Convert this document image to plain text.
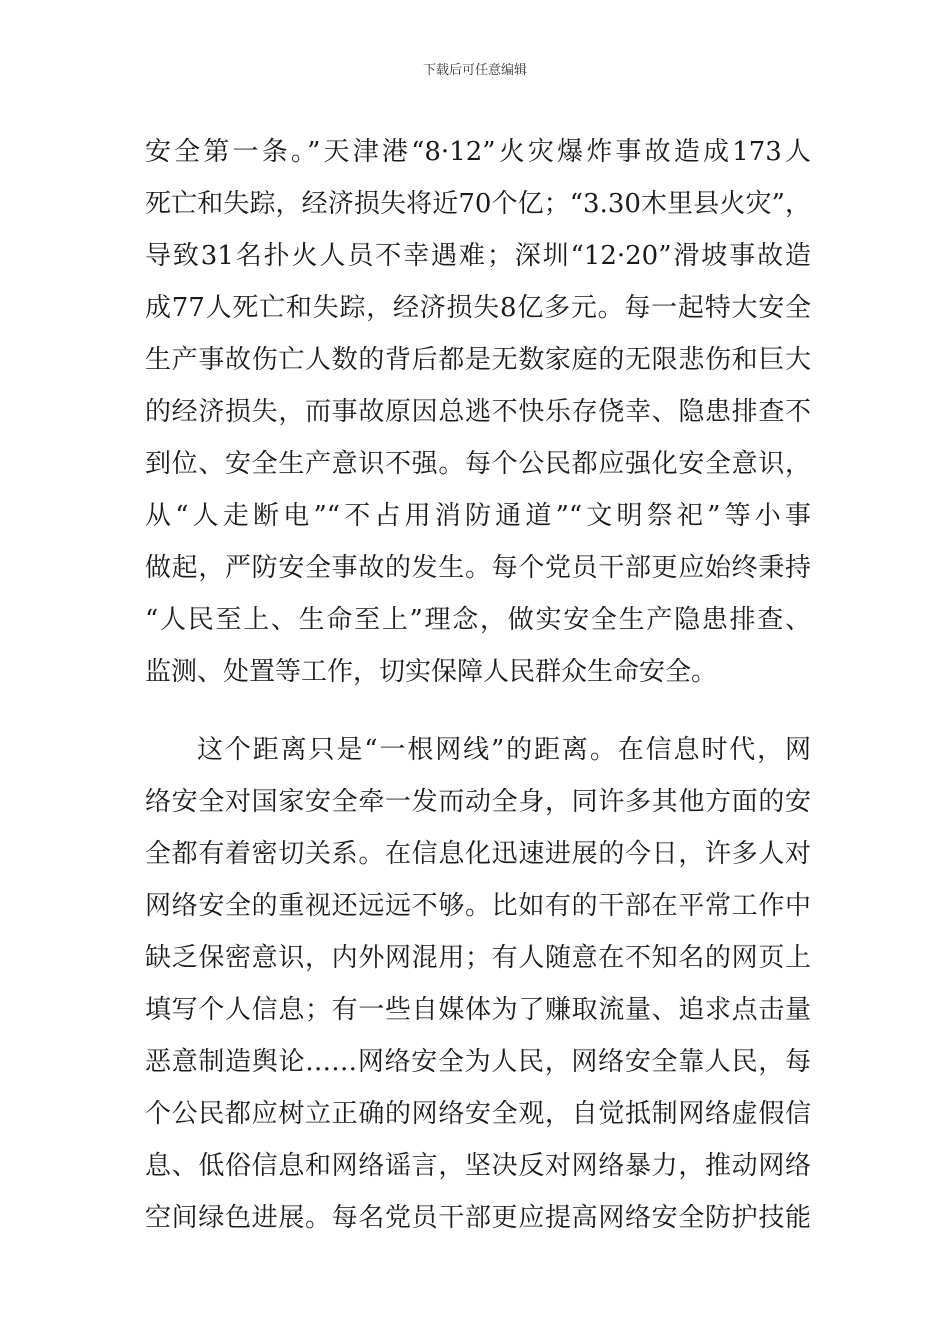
下载后可任意编辑
安全第一条。”天津港“8·12”火灾爆炸事故造成173人
死亡和失踪，经济损失将近70个亿；“3.30木里县火灾”，
导致31名扑火人员不幸遇难；深圳“12·20”滑坡事故造
成77人死亡和失踪，经济损失8亿多元。每一起特大安全
生产事故伤亡人数的背后都是无数家庭的无限悲伤和巨大
的经济损失，而事故原因总逃不快乐存侥幸、隐患排查不
到位、安全生产意识不强。每个公民都应强化安全意识，
从“人走断电”“不占用消防通道”“文明祭祀”等小事
做起，严防安全事故的发生。每个党员干部更应始终秉持
“人民至上、生命至上”理念，做实安全生产隐患排查、
监测、处置等工作，切实保障人民群众生命安全。
这个距离只是“一根网线”的距离。在信息时代，网
络安全对国家安全牵一发而动全身，同许多其他方面的安
全都有着密切关系。在信息化迅速进展的今日，许多人对
网络安全的重视还远远不够。比如有的干部在平常工作中
缺乏保密意识，内外网混用；有人随意在不知名的网页上
填写个人信息；有一些自媒体为了赚取流量、追求点击量
恶意制造舆论……网络安全为人民，网络安全靠人民，每
个公民都应树立正确的网络安全观，自觉抵制网络虚假信
息、低俗信息和网络谣言，坚决反对网络暴力，推动网络
空间绿色进展。每名党员干部更应提高网络安全防护技能
